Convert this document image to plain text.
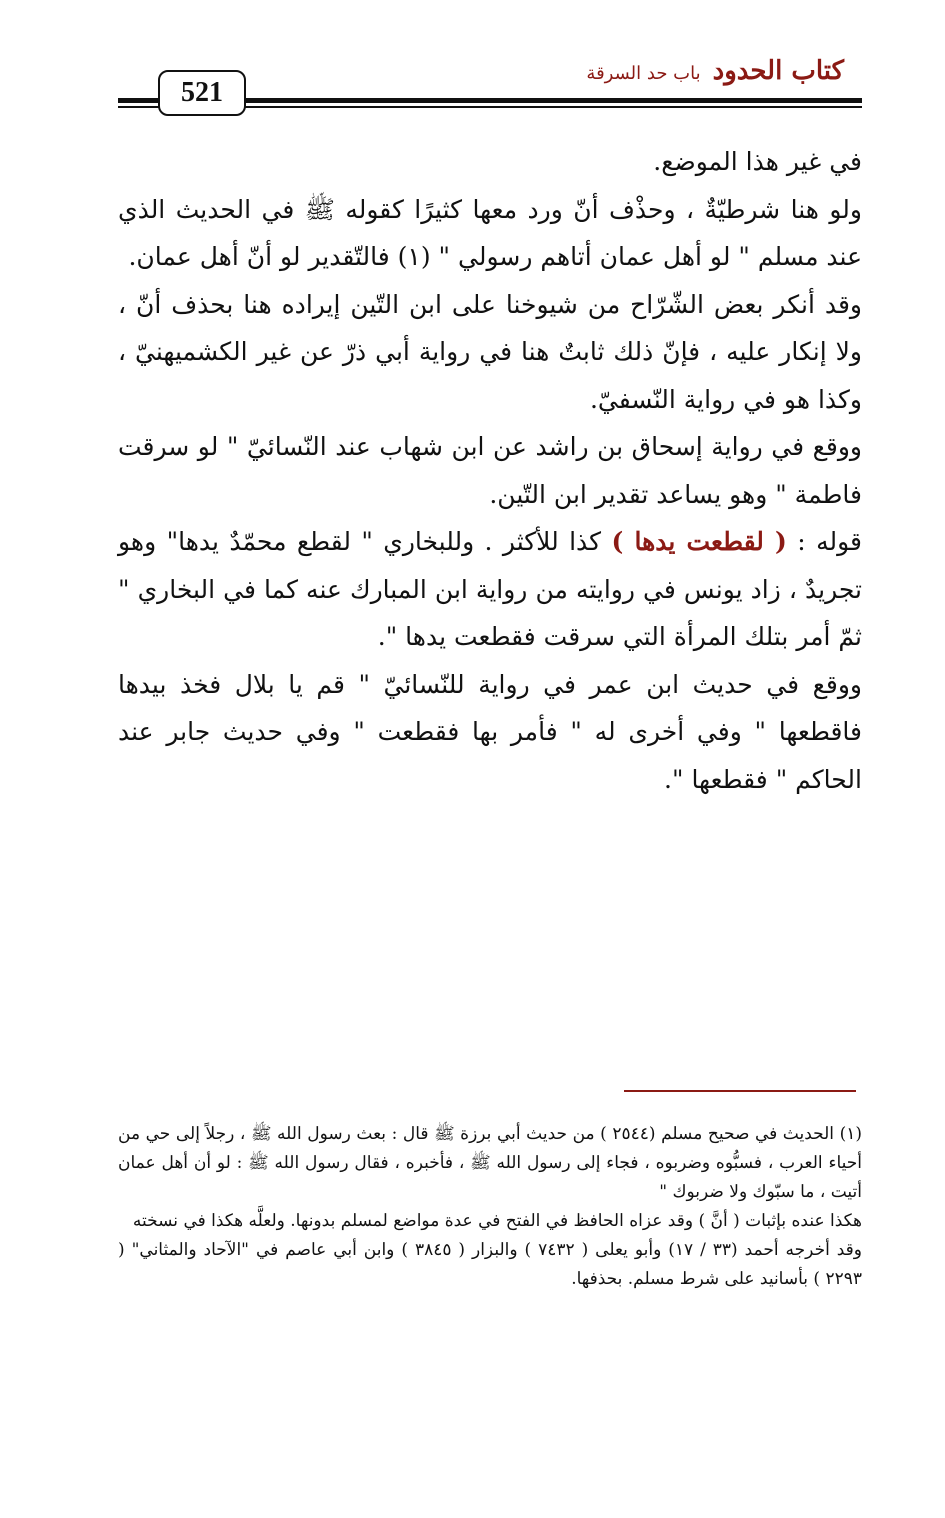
521
كتاب الحدود
باب حد السرقة

في غير هذا الموضع.

ولو هنا شرطيّةٌ ، وحذْف أنّ ورد معها كثيرًا كقوله ﷺ في الحديث الذي عند مسلم " لو أهل عمان أتاهم رسولي " (١) فالتّقدير لو أنّ أهل عمان.

وقد أنكر بعض الشّرّاح من شيوخنا على ابن التّين إيراده هنا بحذف أنّ ، ولا إنكار عليه ، فإنّ ذلك ثابتٌ هنا في رواية أبي ذرّ عن غير الكشميهنيّ ، وكذا هو في رواية النّسفيّ.

ووقع في رواية إسحاق بن راشد عن ابن شهاب عند النّسائيّ " لو سرقت فاطمة " وهو يساعد تقدير ابن التّين.

قوله : ( لقطعت يدها ) كذا للأكثر . وللبخاري " لقطع محمّدٌ يدها" وهو تجريدٌ ، زاد يونس في روايته من رواية ابن المبارك عنه كما في البخاري " ثمّ أمر بتلك المرأة التي سرقت فقطعت يدها ".

ووقع في حديث ابن عمر في رواية للنّسائيّ " قم يا بلال فخذ بيدها فاقطعها " وفي أخرى له " فأمر بها فقطعت " وفي حديث جابر عند الحاكم " فقطعها ".

(١) الحديث في صحيح مسلم (٢٥٤٤ ) من حديث أبي برزة ﷺ قال : بعث رسول الله ﷺ ، رجلاً إلى حي من أحياء العرب ، فسبُّوه وضربوه ، فجاء إلى رسول الله ﷺ ، فأخبره ، فقال رسول الله ﷺ : لو أن أهل عمان أتيت ، ما سبّوك ولا ضربوك "

هكذا عنده بإثبات ( أنَّ ) وقد عزاه الحافظ في الفتح في عدة مواضع لمسلم بدونها. ولعلَّه هكذا في نسخته

وقد أخرجه أحمد (٣٣ / ١٧) وأبو يعلى ( ٧٤٣٢ ) والبزار ( ٣٨٤٥ ) وابن أبي عاصم في "الآحاد والمثاني" ( ٢٢٩٣ ) بأسانيد على شرط مسلم. بحذفها.
